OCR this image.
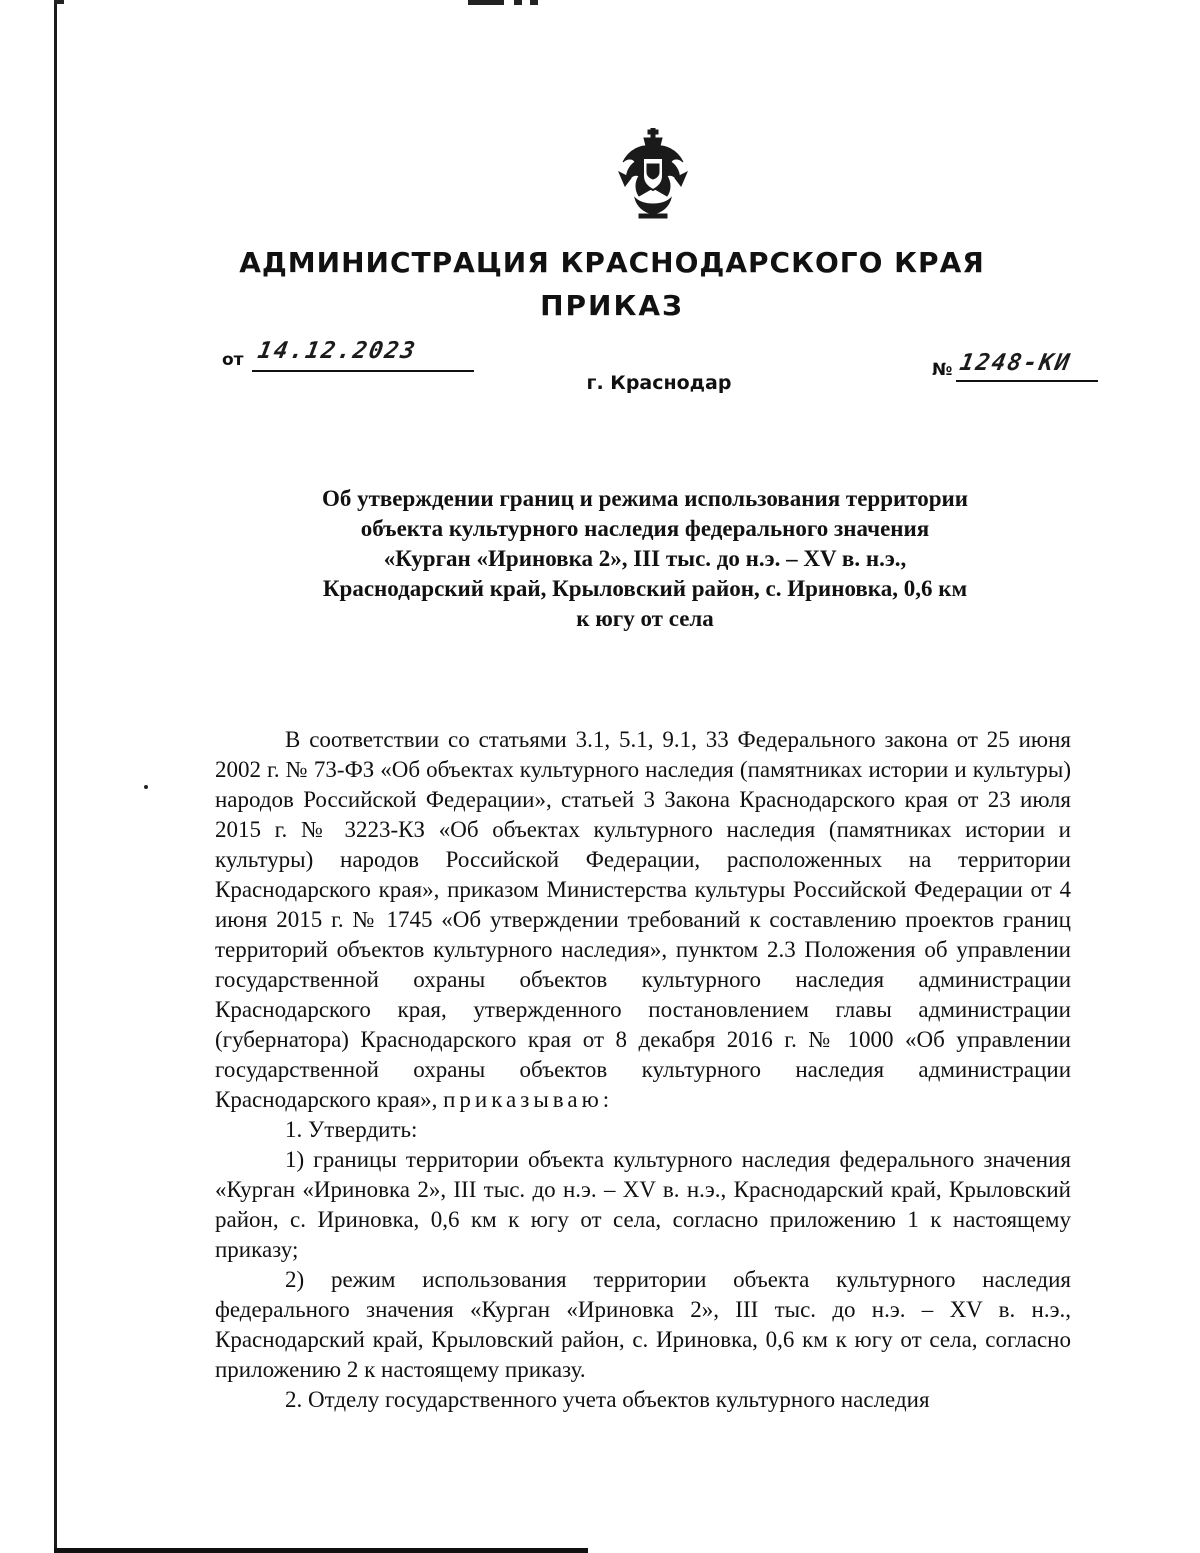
АДМИНИСТРАЦИЯ КРАСНОДАРСКОГО КРАЯ
ПРИКАЗ
от 14.12.2023
№ 1248-КИ
г. Краснодар
Об утверждении границ и режима использования территории
объекта культурного наследия федерального значения
«Курган «Ириновка 2», III тыс. до н.э. – XV в. н.э.,
Краснодарский край, Крыловский район, с. Ириновка, 0,6 км
к югу от села

В соответствии со статьями 3.1, 5.1, 9.1, 33 Федерального закона от 25 июня 2002 г. № 73-ФЗ «Об объектах культурного наследия (памятниках истории и культуры) народов Российской Федерации», статьей 3 Закона Краснодарского края от 23 июля 2015 г. № 3223-КЗ «Об объектах культурного наследия (памятниках истории и культуры) народов Российской Федерации, расположенных на территории Краснодарского края», приказом Министерства культуры Российской Федерации от 4 июня 2015 г. № 1745 «Об утверждении требований к составлению проектов границ территорий объектов культурного наследия», пунктом 2.3 Положения об управлении государственной охраны объектов культурного наследия администрации Краснодарского края, утвержденного постановлением главы администрации (губернатора) Краснодарского края от 8 декабря 2016 г. № 1000 «Об управлении государственной охраны объектов культурного наследия администрации Краснодарского края», приказываю:

1. Утвердить:

1) границы территории объекта культурного наследия федерального значения «Курган «Ириновка 2», III тыс. до н.э. – XV в. н.э., Краснодарский край, Крыловский район, с. Ириновка, 0,6 км к югу от села, согласно приложению 1 к настоящему приказу;

2) режим использования территории объекта культурного наследия федерального значения «Курган «Ириновка 2», III тыс. до н.э. – XV в. н.э., Краснодарский край, Крыловский район, с. Ириновка, 0,6 км к югу от села, согласно приложению 2 к настоящему приказу.

2. Отделу государственного учета объектов культурного наследия
